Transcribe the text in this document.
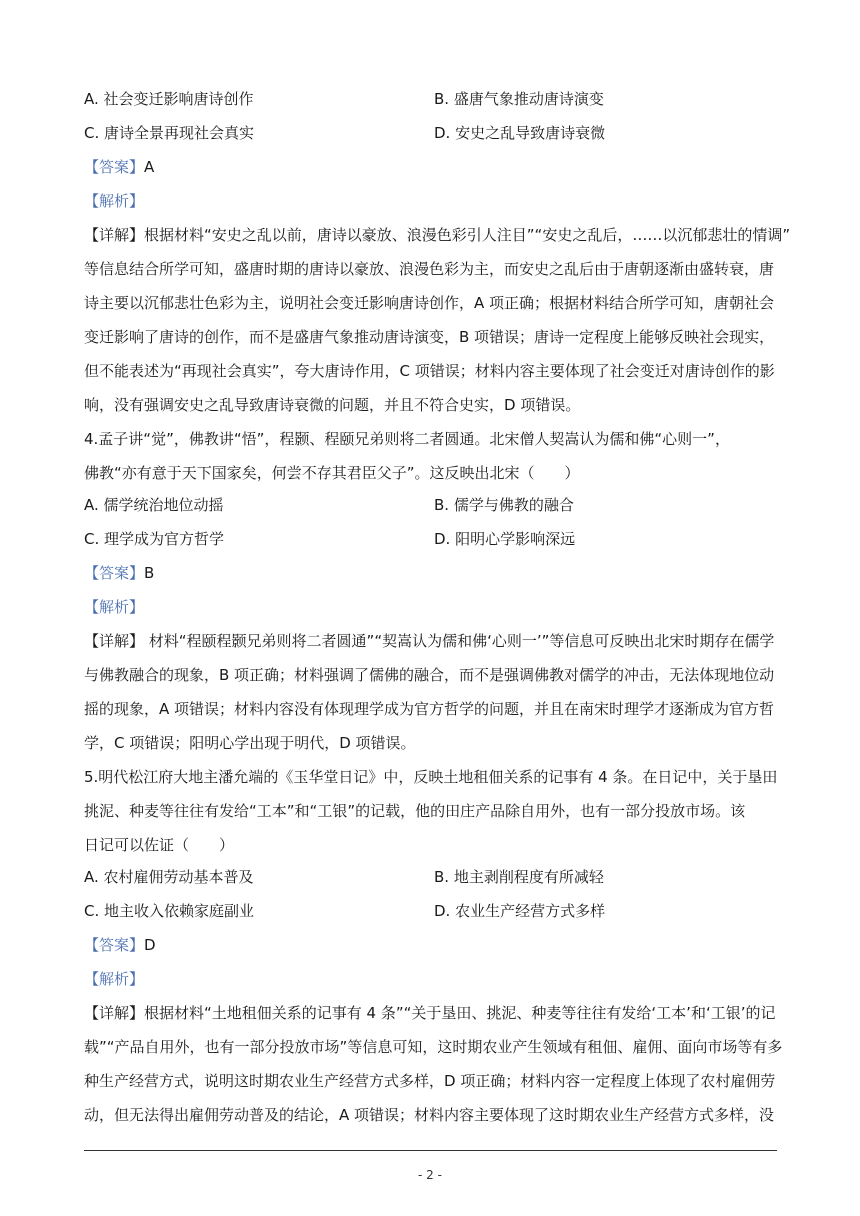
A. 社会变迁影响唐诗创作	B. 盛唐气象推动唐诗演变
C. 唐诗全景再现社会真实	D. 安史之乱导致唐诗衰微
【答案】A
【解析】
【详解】根据材料“安史之乱以前，唐诗以豪放、浪漫色彩引人注目”“安史之乱后，……以沉郁悲壮的情调”
等信息结合所学可知，盛唐时期的唐诗以豪放、浪漫色彩为主，而安史之乱后由于唐朝逐渐由盛转衰，唐
诗主要以沉郁悲壮色彩为主，说明社会变迁影响唐诗创作，A 项正确；根据材料结合所学可知，唐朝社会
变迁影响了唐诗的创作，而不是盛唐气象推动唐诗演变，B 项错误；唐诗一定程度上能够反映社会现实，
但不能表述为“再现社会真实”，夸大唐诗作用，C 项错误；材料内容主要体现了社会变迁对唐诗创作的影
响，没有强调安史之乱导致唐诗衰微的问题，并且不符合史实，D 项错误。
4.孟子讲“觉”，佛教讲“悟”，程颢、程颐兄弟则将二者圆通。北宋僧人契嵩认为儒和佛“心则一”，
佛教“亦有意于天下国家矣，何尝不存其君臣父子”。这反映出北宋（　　）
A. 儒学统治地位动摇	B. 儒学与佛教的融合
C. 理学成为官方哲学	D. 阳明心学影响深远
【答案】B
【解析】
【详解】 材料“程颐程颢兄弟则将二者圆通”“契嵩认为儒和佛‘心则一’”等信息可反映出北宋时期存在儒学
与佛教融合的现象，B 项正确；材料强调了儒佛的融合，而不是强调佛教对儒学的冲击，无法体现地位动
摇的现象，A 项错误；材料内容没有体现理学成为官方哲学的问题，并且在南宋时理学才逐渐成为官方哲
学，C 项错误；阳明心学出现于明代，D 项错误。
5.明代松江府大地主潘允端的《玉华堂日记》中，反映土地租佃关系的记事有 4 条。在日记中，关于垦田
挑泥、种麦等往往有发给“工本”和“工银”的记载，他的田庄产品除自用外，也有一部分投放市场。该
日记可以佐证（　　）
A. 农村雇佣劳动基本普及	B. 地主剥削程度有所减轻
C. 地主收入依赖家庭副业	D. 农业生产经营方式多样
【答案】D
【解析】
【详解】根据材料“土地租佃关系的记事有 4 条”“关于垦田、挑泥、种麦等往往有发给‘工本’和‘工银’的记
载”“产品自用外，也有一部分投放市场”等信息可知，这时期农业产生领域有租佃、雇佣、面向市场等有多
种生产经营方式，说明这时期农业生产经营方式多样，D 项正确；材料内容一定程度上体现了农村雇佣劳
动，但无法得出雇佣劳动普及的结论，A 项错误；材料内容主要体现了这时期农业生产经营方式多样，没
- 2 -
